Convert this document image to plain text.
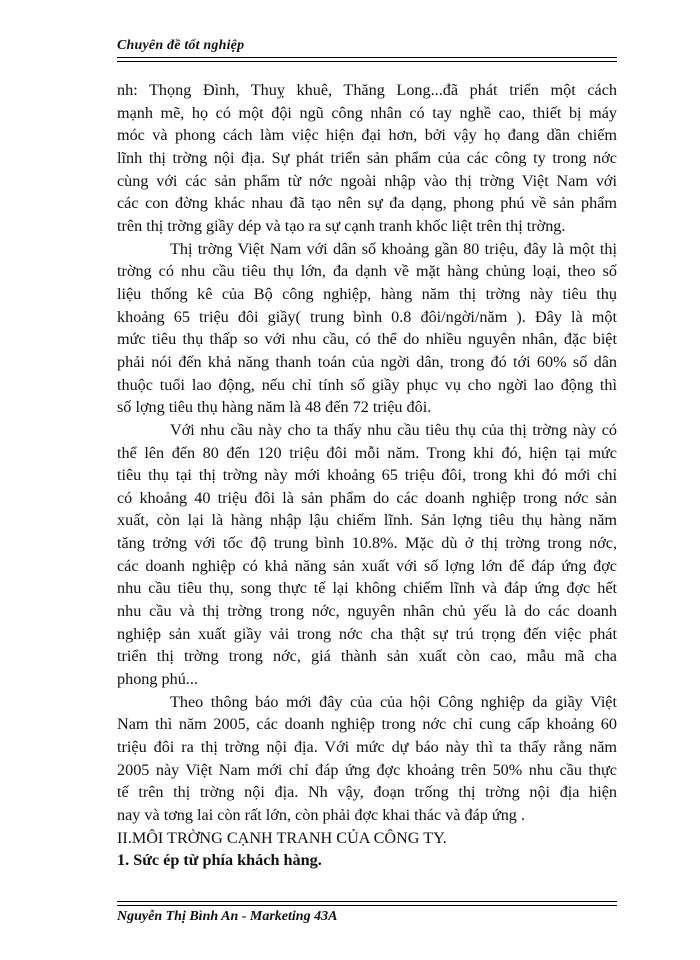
Chuyên đề tốt nghiệp
nh: Thọng Đình, Thuỵ khuê, Thăng Long...đã phát triển một cách
mạnh mẽ, họ có một đội ngũ công nhân có tay nghề cao, thiết bị máy
móc và phong cách làm việc hiện đại hơn, bởi vậy họ đang dần chiếm
lĩnh thị trờng nội địa. Sự phát triển sản phẩm của các công ty trong nớc
cùng với các sản phẩm từ nớc ngoài nhập vào thị trờng Việt Nam với
các con đờng khác nhau đã tạo nên sự đa dạng, phong phú về sản phẩm
trên thị trờng giầy dép và tạo ra sự cạnh tranh khốc liệt trên thị trờng.
Thị trờng Việt Nam với dân số khoảng gần 80 triệu, đây là một thị
trờng có nhu cầu tiêu thụ lớn, đa dạnh về mặt hàng chủng loại, theo số
liệu thống kê của Bộ công nghiệp, hàng năm thị trờng này tiêu thụ
khoảng 65 triệu đôi giầy( trung bình 0.8 đôi/ngời/năm ). Đây là một
mức tiêu thụ thấp so với nhu cầu, có thể do nhiều nguyên nhân, đặc biệt
phải nói đến khả năng thanh toán của ngời dân, trong đó tới 60% số dân
thuộc tuổi lao động, nếu chỉ tính số giầy phục vụ cho ngời lao động thì
số lợng tiêu thụ hàng năm là 48 đến 72 triệu đôi.
Với nhu cầu này cho ta thấy nhu cầu tiêu thụ của thị trờng này có
thể lên đến 80 đến 120 triệu đôi mỗi năm. Trong khi đó, hiện tại mức
tiêu thụ tại thị trờng này mới khoảng 65 triệu đôi, trong khi đó mới chỉ
có khoảng 40 triệu đôi là sản phẩm do các doanh nghiệp trong nớc sản
xuất, còn lại là hàng nhập lậu chiếm lĩnh. Sản lợng tiêu thụ hàng năm
tăng trởng với tốc độ trung bình 10.8%. Mặc dù ở thị trờng trong nớc,
các doanh nghiệp có khả năng sản xuất với số lợng lớn để đáp ứng đợc
nhu cầu tiêu thụ, song thực tế lại không chiếm lĩnh và đáp ứng đợc hết
nhu cầu và thị trờng trong nớc, nguyên nhân chủ yếu là do các doanh
nghiệp sản xuất giầy vải trong nớc cha thật sự trú trọng đến việc phát
triển thị trờng trong nớc, giá thành sản xuất còn cao, mẫu mã cha
phong phú...
Theo thông báo mới đây của của hội Công nghiệp da giầy Việt
Nam thì năm 2005, các doanh nghiệp trong nớc chỉ cung cấp khoảng 60
triệu đôi ra thị trờng nội địa. Với mức dự báo này thì ta thấy rằng năm
2005 này Việt Nam mới chỉ đáp ứng đợc khoảng trên 50% nhu cầu thực
tế trên thị trờng nội địa. Nh vậy, đoạn trống thị trờng nội địa hiện
nay và tơng lai còn rất lớn, còn phải đợc khai thác và đáp ứng .
II.MÔI TRỜNG CẠNH TRANH CỦA CÔNG TY.
1. Sức ép từ phía khách hàng.
Nguyễn Thị Bình An - Marketing 43A
